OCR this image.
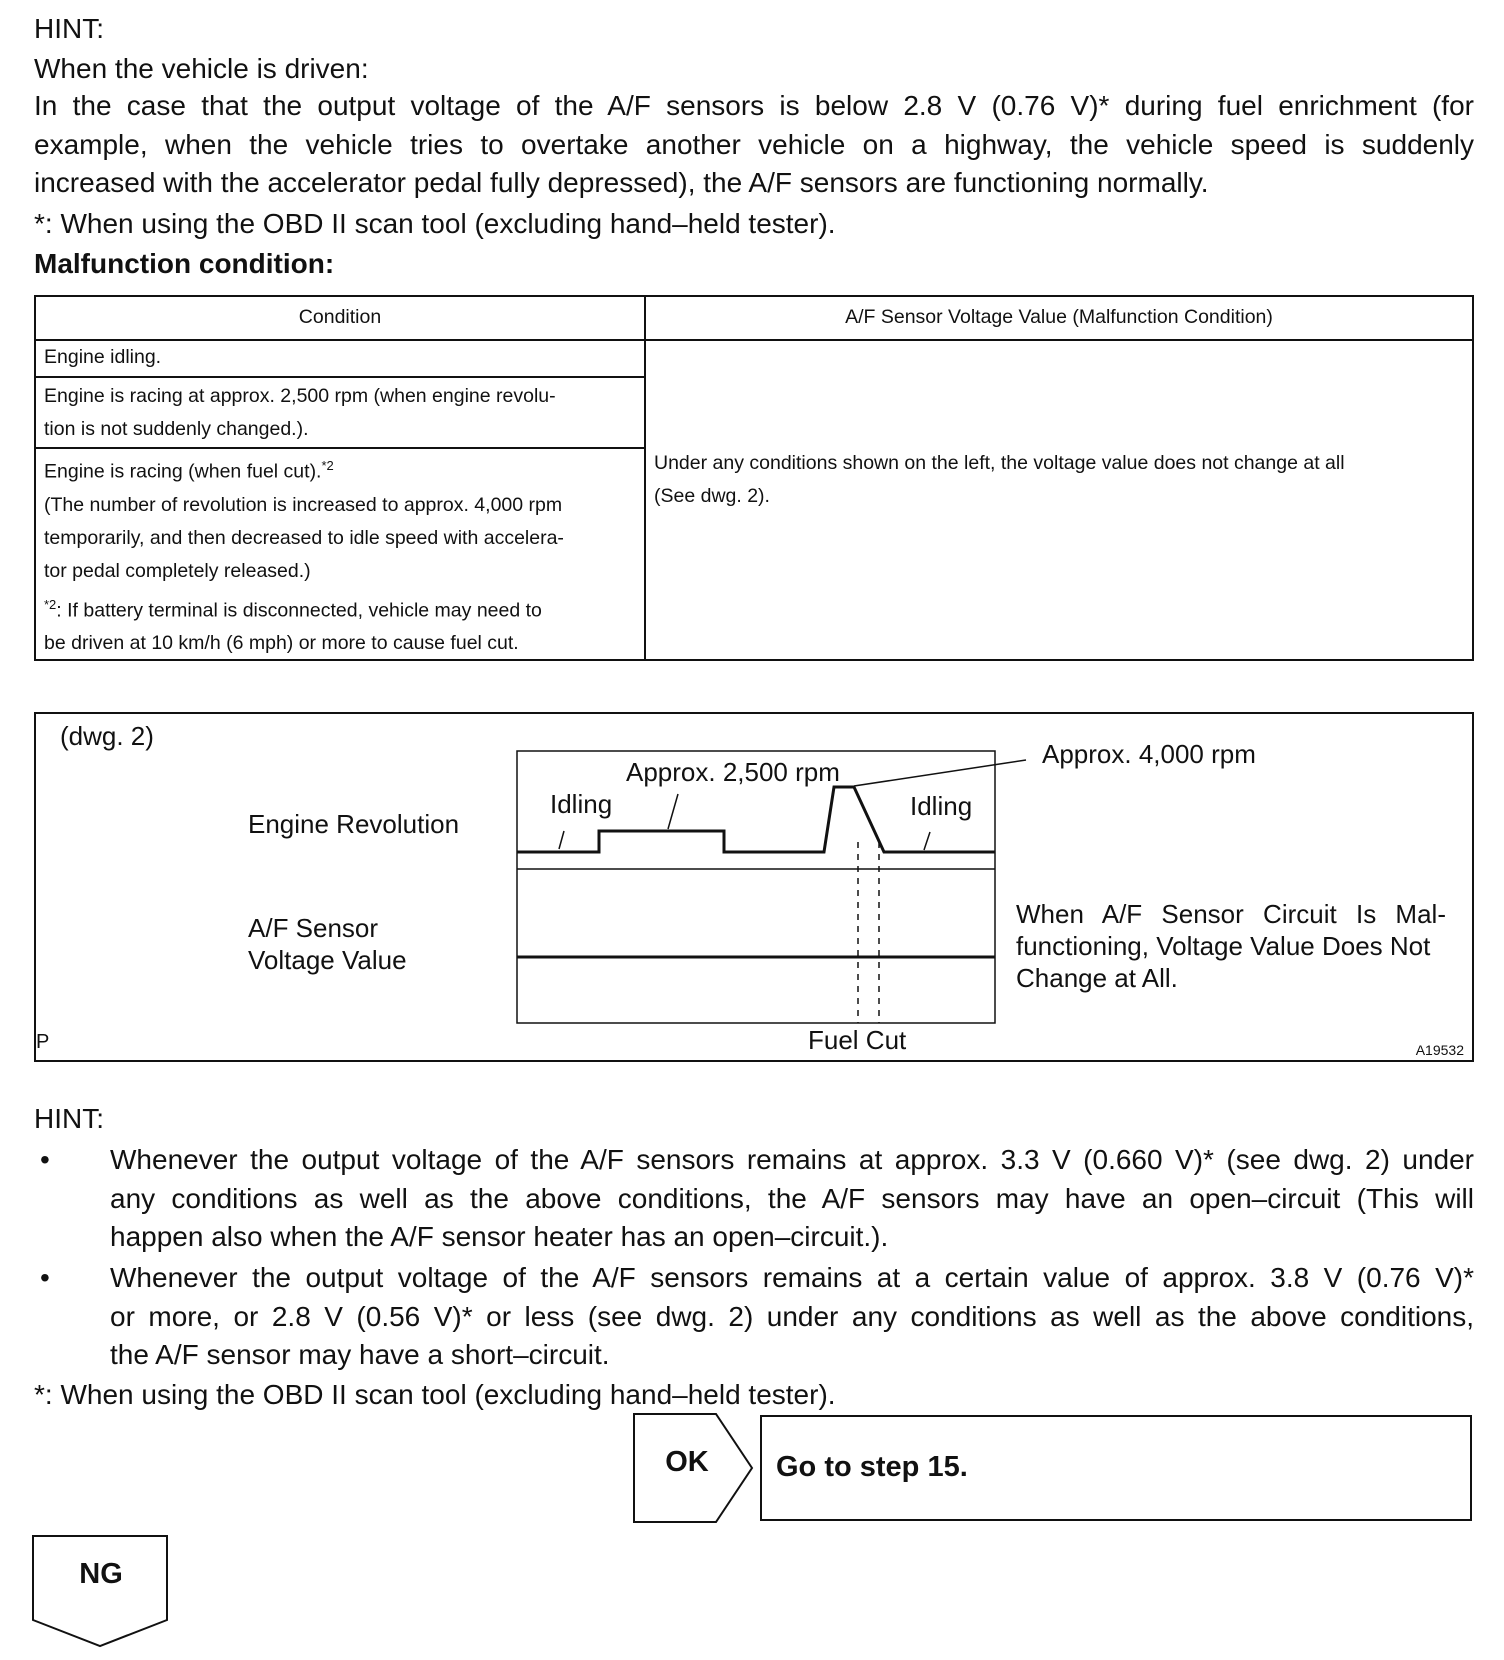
HINT:
When the vehicle is driven:
In the case that the output voltage of the A/F sensors is below 2.8 V (0.76 V)* during fuel enrichment (for
example, when the vehicle tries to overtake another vehicle on a highway, the vehicle speed is suddenly
increased with the accelerator pedal fully depressed), the A/F sensors are functioning normally.
*: When using the OBD II scan tool (excluding hand–held tester).
Malfunction condition:
Condition	A/F Sensor Voltage Value (Malfunction Condition)
Engine idling.
Engine is racing at approx. 2,500 rpm (when engine revolu-
tion is not suddenly changed.).
Engine is racing (when fuel cut).$^{*2}$
(The number of revolution is increased to approx. 4,000 rpm
temporarily, and then decreased to idle speed with accelera-
tor pedal completely released.)
$^{*2}$: If battery terminal is disconnected, vehicle may need to
be driven at 10 km/h (6 mph) or more to cause fuel cut.
Under any conditions shown on the left, the voltage value does not change at all
(See dwg. 2).
(dwg. 2)
Engine Revolution
A/F Sensor
Voltage Value
Approx. 2,500 rpm
Approx. 4,000 rpm
Idling	Idling
Fuel Cut
When A/F Sensor Circuit Is Mal-
functioning, Voltage Value Does Not
Change at All.
P	A19532
HINT:
• Whenever the output voltage of the A/F sensors remains at approx. 3.3 V (0.660 V)* (see dwg. 2) under
any conditions as well as the above conditions, the A/F sensors may have an open–circuit (This will
happen also when the A/F sensor heater has an open–circuit.).
• Whenever the output voltage of the A/F sensors remains at a certain value of approx. 3.8 V (0.76 V)*
or more, or 2.8 V (0.56 V)* or less (see dwg. 2) under any conditions as well as the above conditions,
the A/F sensor may have a short–circuit.
*: When using the OBD II scan tool (excluding hand–held tester).
OK	Go to step 15.
NG
